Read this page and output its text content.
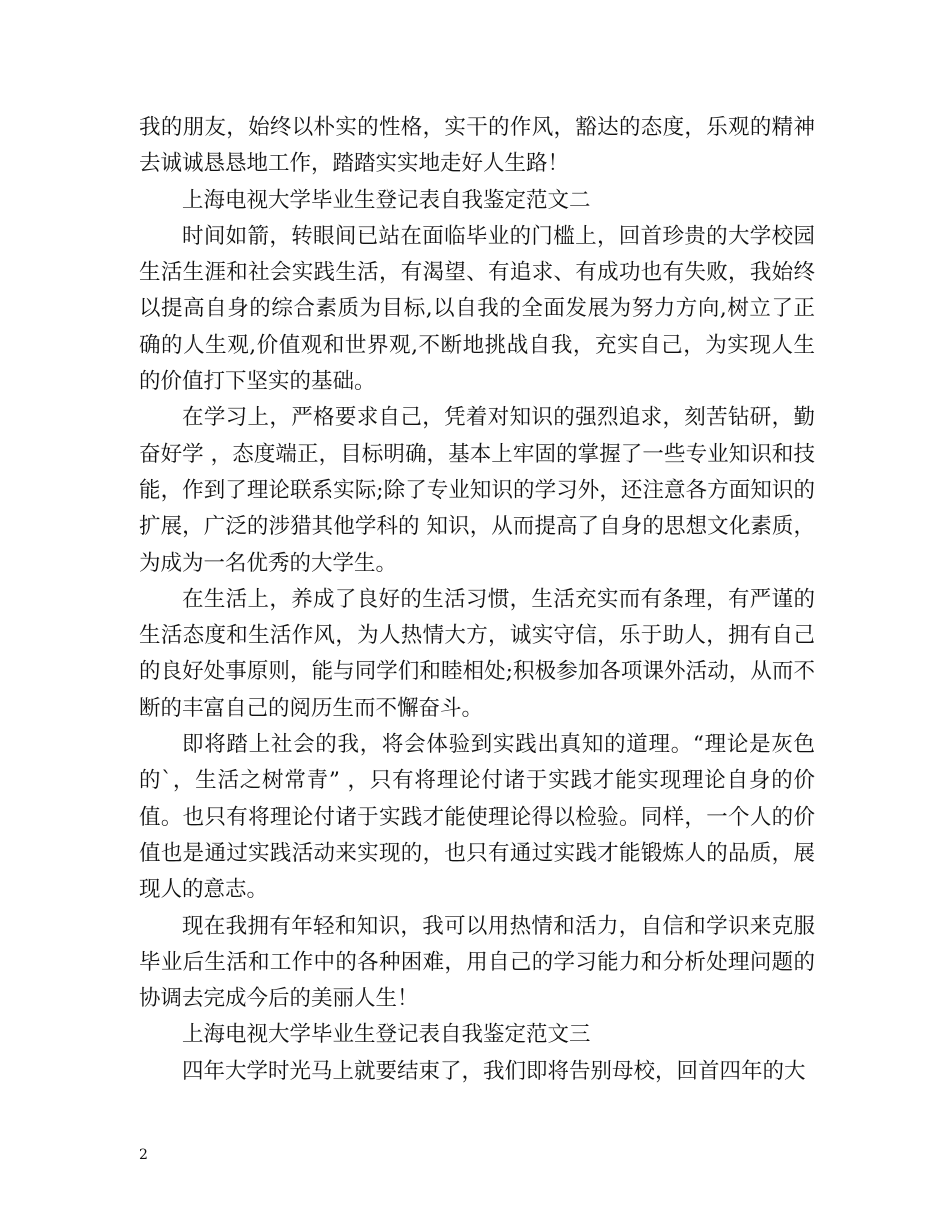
我的朋友，始终以朴实的性格，实干的作风，豁达的态度，乐观的精神去诚诚恳恳地工作，踏踏实实地走好人生路！

上海电视大学毕业生登记表自我鉴定范文二

时间如箭，转眼间已站在面临毕业的门槛上，回首珍贵的大学校园生活生涯和社会实践生活，有渴望、有追求、有成功也有失败，我始终以提高自身的综合素质为目标,以自我的全面发展为努力方向,树立了正确的人生观,价值观和世界观,不断地挑战自我，充实自己，为实现人生的价值打下坚实的基础。

在学习上，严格要求自己，凭着对知识的强烈追求，刻苦钻研，勤奋好学 ，态度端正，目标明确，基本上牢固的掌握了一些专业知识和技能，作到了理论联系实际;除了专业知识的学习外，还注意各方面知识的扩展，广泛的涉猎其他学科的 知识，从而提高了自身的思想文化素质，为成为一名优秀的大学生。

在生活上，养成了良好的生活习惯，生活充实而有条理，有严谨的生活态度和生活作风，为人热情大方，诚实守信，乐于助人，拥有自己的良好处事原则，能与同学们和睦相处;积极参加各项课外活动，从而不断的丰富自己的阅历生而不懈奋斗。

即将踏上社会的我，将会体验到实践出真知的道理。“理论是灰色的`，生活之树常青” ，只有将理论付诸于实践才能实现理论自身的价值。也只有将理论付诸于实践才能使理论得以检验。同样，一个人的价值也是通过实践活动来实现的，也只有通过实践才能锻炼人的品质，展现人的意志。

现在我拥有年轻和知识，我可以用热情和活力，自信和学识来克服毕业后生活和工作中的各种困难，用自己的学习能力和分析处理问题的协调去完成今后的美丽人生！

上海电视大学毕业生登记表自我鉴定范文三

四年大学时光马上就要结束了，我们即将告别母校，回首四年的大

2
